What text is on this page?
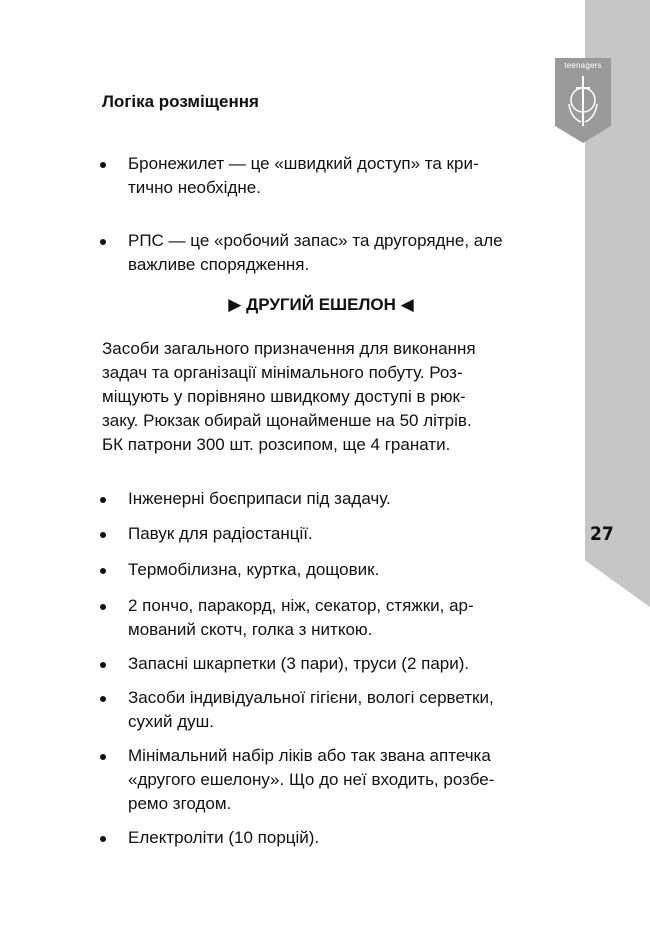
teenagers
27
Логіка розміщення
Бронежилет — це «швидкий доступ» та кри-
тично необхідне.
РПС — це «робочий запас» та другорядне, але
важливе спорядження.
▶ ДРУГИЙ ЕШЕЛОН ◀
Засоби загального призначення для виконання
задач та організації мінімального побуту. Роз-
міщують у порівняно швидкому доступі в рюк-
заку. Рюкзак обирай щонайменше на 50 літрів.
БК патрони 300 шт. розсипом, ще 4 гранати.
Інженерні боєприпаси під задачу.
Павук для радіостанції.
Термобілизна, куртка, дощовик.
2 пончо, паракорд, ніж, секатор, стяжки, ар-
мований скотч, голка з ниткою.
Запасні шкарпетки (3 пари), труси (2 пари).
Засоби індивідуальної гігієни, вологі серветки,
сухий душ.
Мінімальний набір ліків або так звана аптечка
«другого ешелону». Що до неї входить, розбе-
ремо згодом.
Електроліти (10 порцій).
